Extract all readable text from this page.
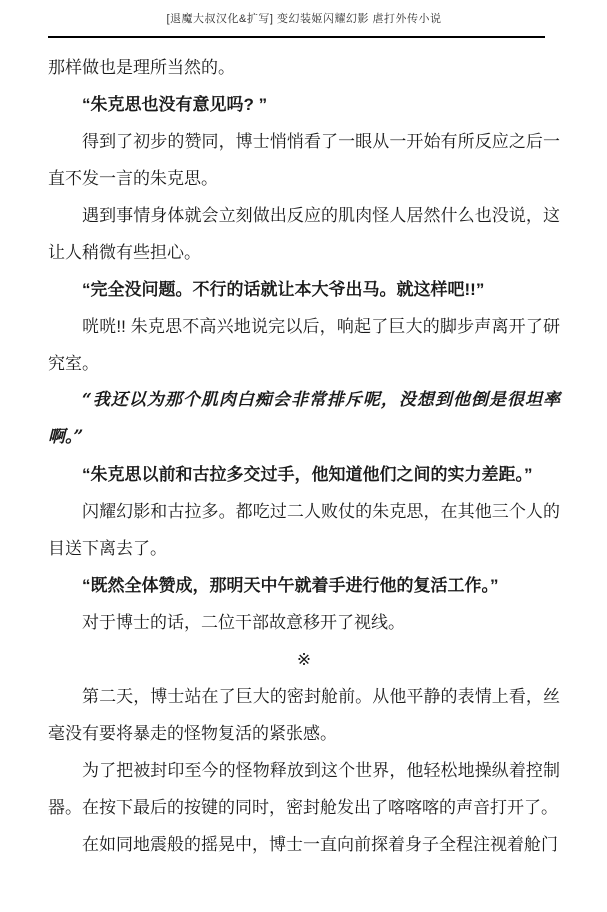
[退魔大叔汉化&扩写] 变幻装姬闪耀幻影 虐打外传小说

那样做也是理所当然的。

“朱克思也没有意见吗? ”

得到了初步的赞同，博士悄悄看了一眼从一开始有所反应之后一直不发一言的朱克思。

遇到事情身体就会立刻做出反应的肌肉怪人居然什么也没说，这让人稍微有些担心。

“完全没问题。不行的话就让本大爷出马。就这样吧!!”

咣咣!! 朱克思不高兴地说完以后，响起了巨大的脚步声离开了研究室。

“我还以为那个肌肉白痴会非常排斥呢，没想到他倒是很坦率啊。”

“朱克思以前和古拉多交过手，他知道他们之间的实力差距。”

闪耀幻影和古拉多。都吃过二人败仗的朱克思，在其他三个人的目送下离去了。

“既然全体赞成，那明天中午就着手进行他的复活工作。”

对于博士的话，二位干部故意移开了视线。

※

第二天，博士站在了巨大的密封舱前。从他平静的表情上看，丝毫没有要将暴走的怪物复活的紧张感。

为了把被封印至今的怪物释放到这个世界，他轻松地操纵着控制器。在按下最后的按键的同时，密封舱发出了喀喀喀的声音打开了。

在如同地震般的摇晃中，博士一直向前探着身子全程注视着舱门
